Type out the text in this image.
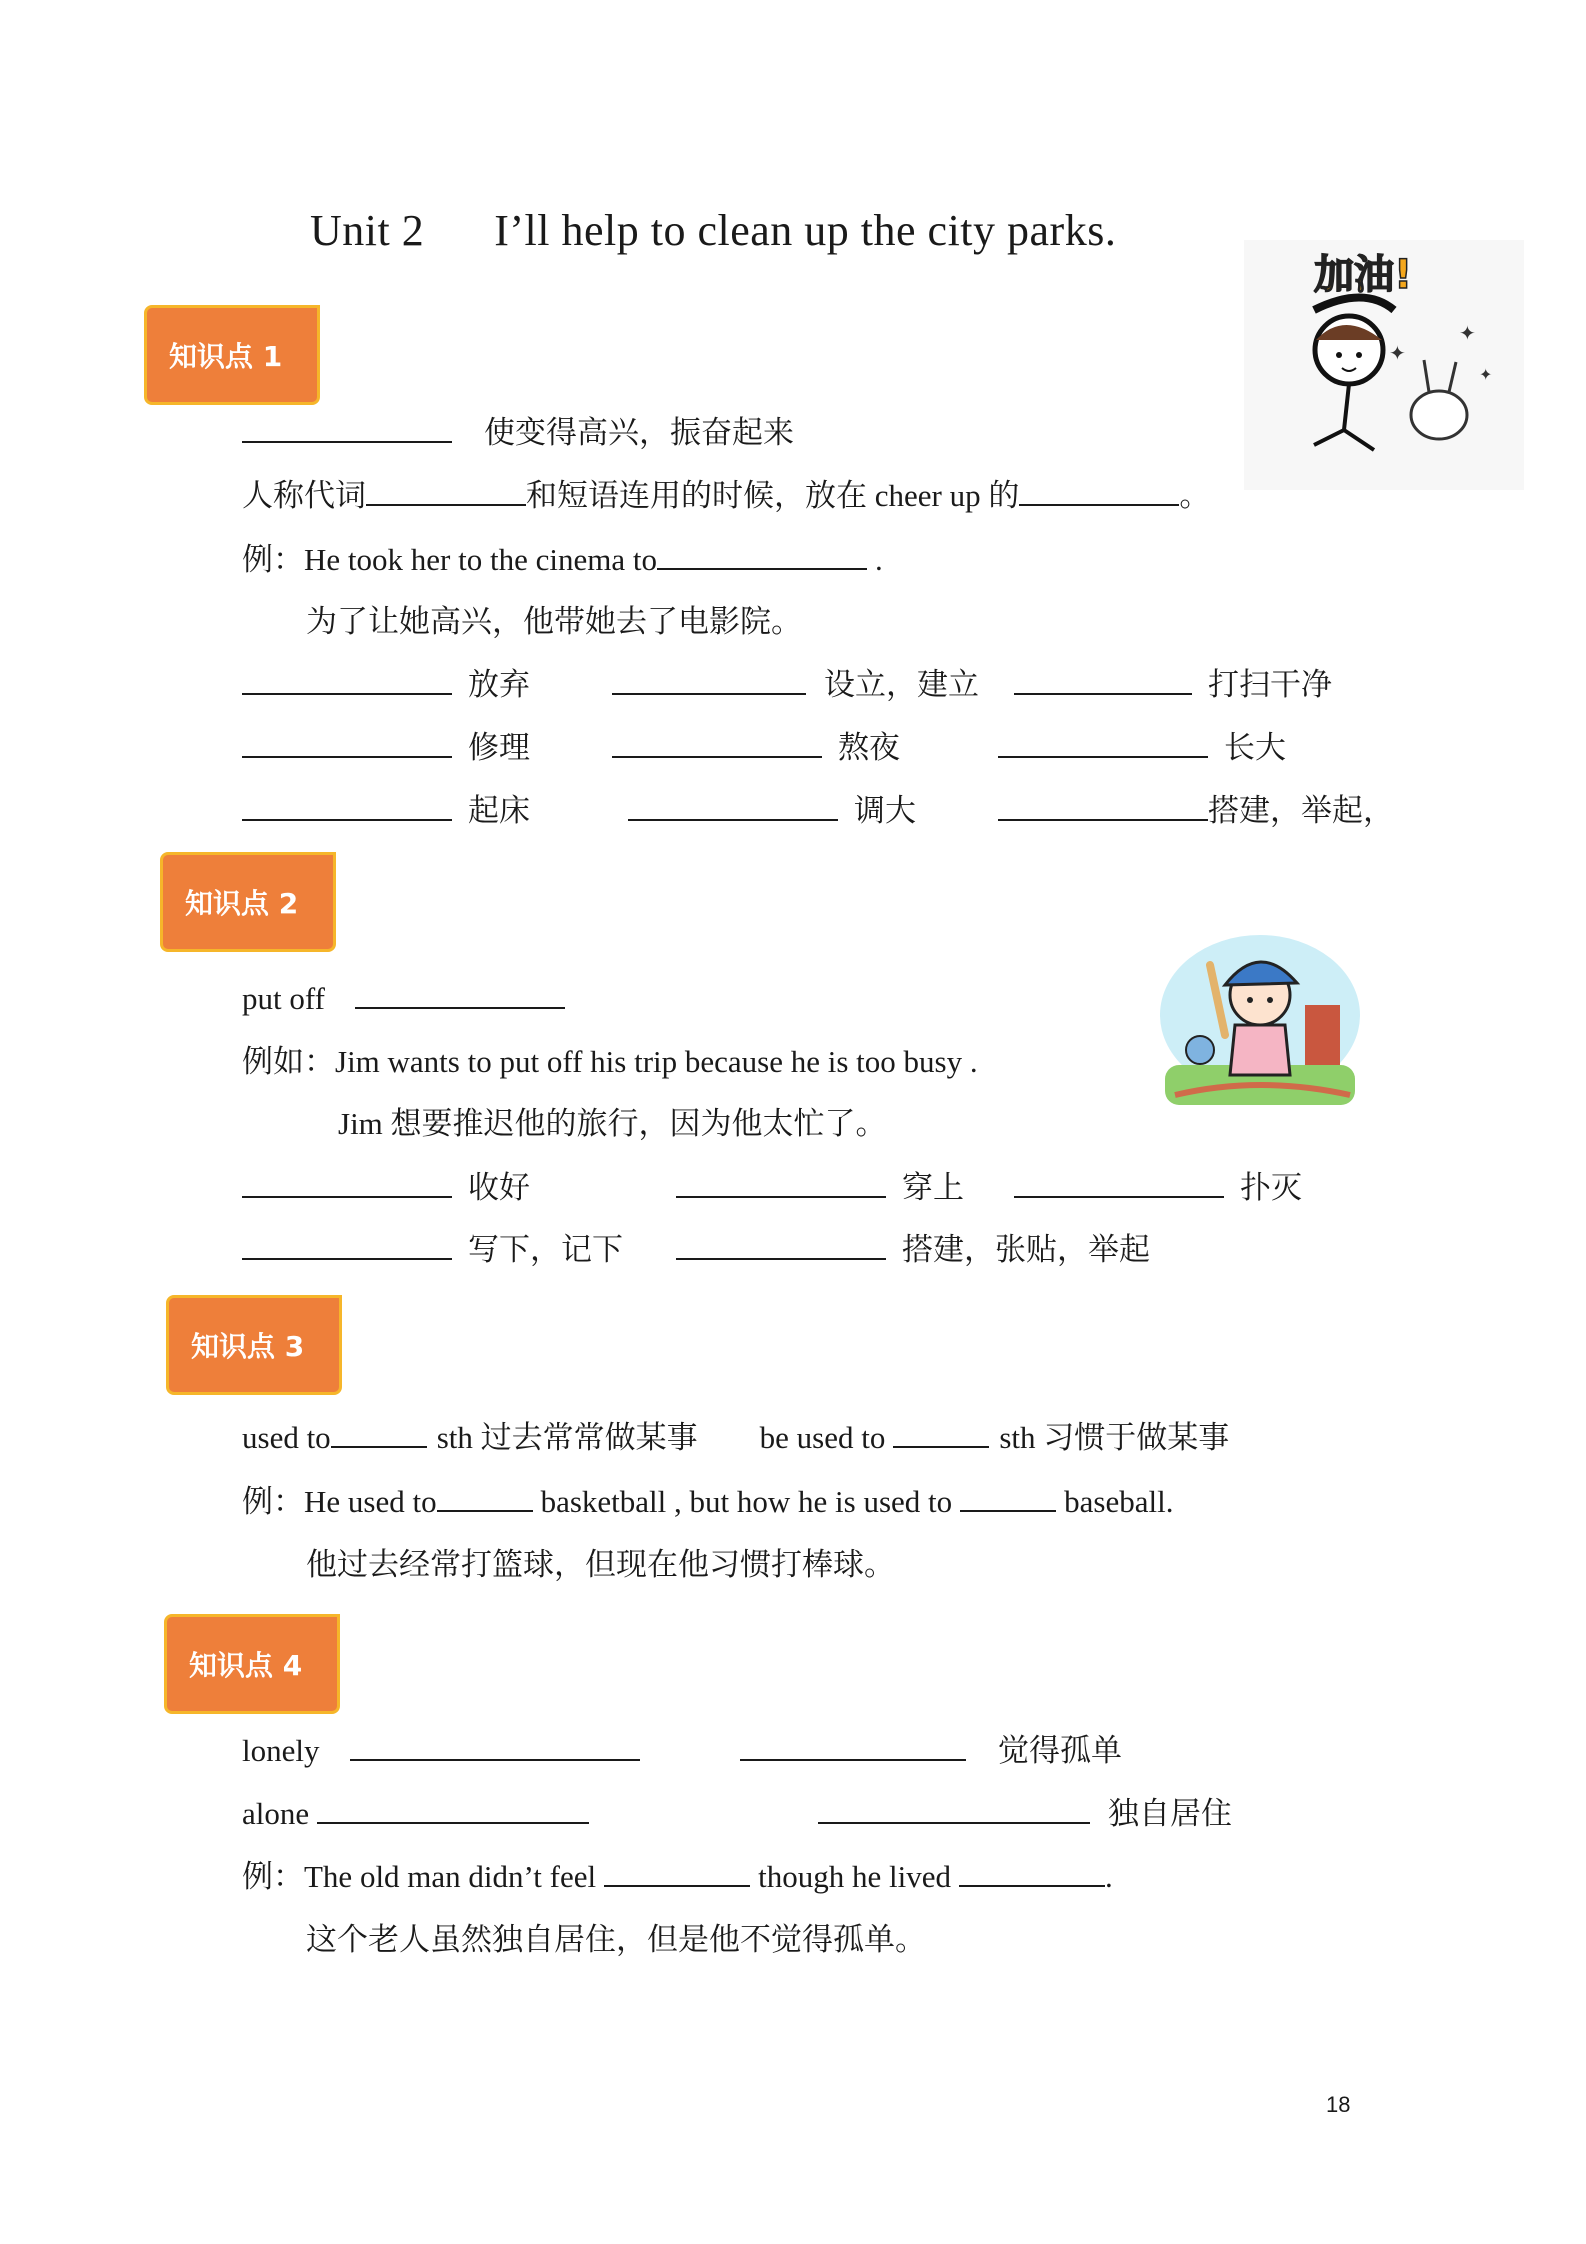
Unit 2 I’ll help to clean up the city parks.
加油!
✦
✦
✦
知识点 1
使变得高兴，振奋起来
人称代词	和短语连用的时候，放在 cheer up 的	。
例：He took her to the cinema to	.
为了让她高兴，他带她去了电影院。
放弃	设立，建立	打扫干净
修理	熬夜	长大
起床	调大	搭建，举起，
知识点 2
put off
例如：Jim wants to put off his trip because he is too busy .
Jim 想要推迟他的旅行，因为他太忙了。
收好	穿上	扑灭
写下，记下	搭建，张贴，举起
知识点 3
used to	sth 过去常常做某事 be used to	sth 习惯于做某事
例：He used to	basketball , but how he is used to	baseball.
他过去经常打篮球，但现在他习惯打棒球。
知识点 4
lonely	觉得孤单
alone	独自居住
例：The old man didn’t feel	though he lived	.
这个老人虽然独自居住，但是他不觉得孤单。
18
